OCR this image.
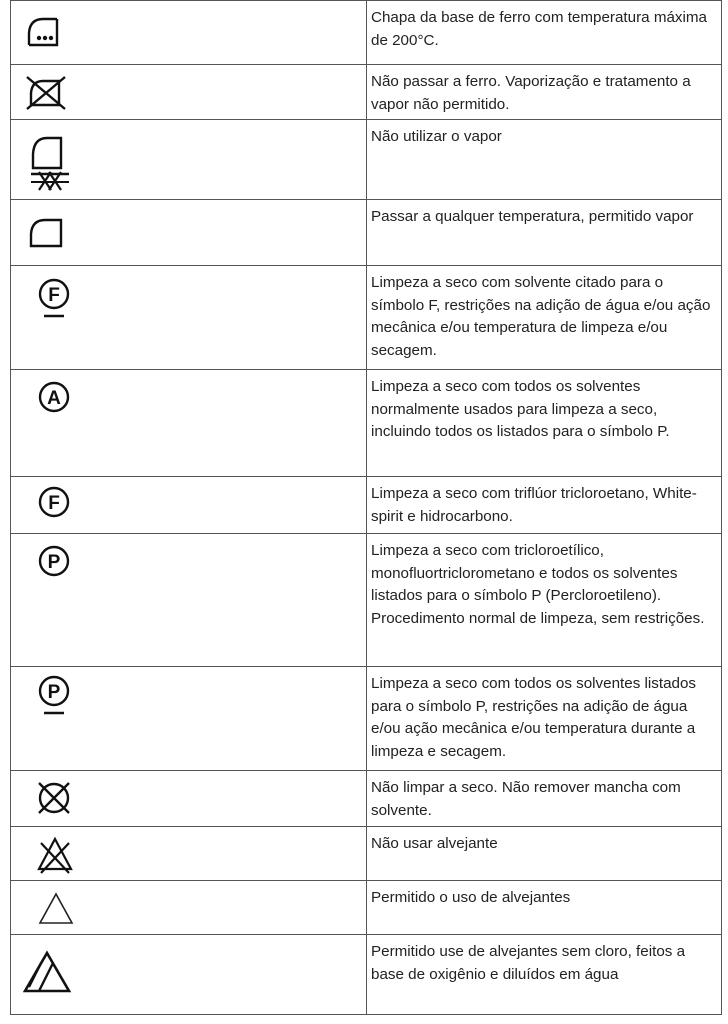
	Chapa da base de ferro com temperatura máxima de 200°C.

	Não passar a ferro. Vaporização e tratamento a vapor não permitido.

	Não utilizar o vapor

	Passar a qualquer temperatura, permitido vapor

F	Limpeza a seco com solvente citado para o símbolo F, restrições na adição de água e/ou ação mecânica e/ou temperatura de limpeza e/ou secagem.

A	Limpeza a seco com todos os solventes normalmente usados para limpeza a seco, incluindo todos os listados para o símbolo P.

F	Limpeza a seco com triflúor tricloroetano, White-spirit e hidrocarbono.

P	Limpeza a seco com tricloroetílico, monofluortriclorometano e todos os solventes listados para o símbolo P (Percloroetileno). Procedimento normal de limpeza, sem restrições.

P	Limpeza a seco com todos os solventes listados para o símbolo P, restrições na adição de água e/ou ação mecânica e/ou temperatura durante a limpeza e secagem.

	Não limpar a seco. Não remover mancha com solvente.

	Não usar alvejante

	Permitido o uso de alvejantes

	Permitido use de alvejantes sem cloro, feitos a base de oxigênio e diluídos em água
